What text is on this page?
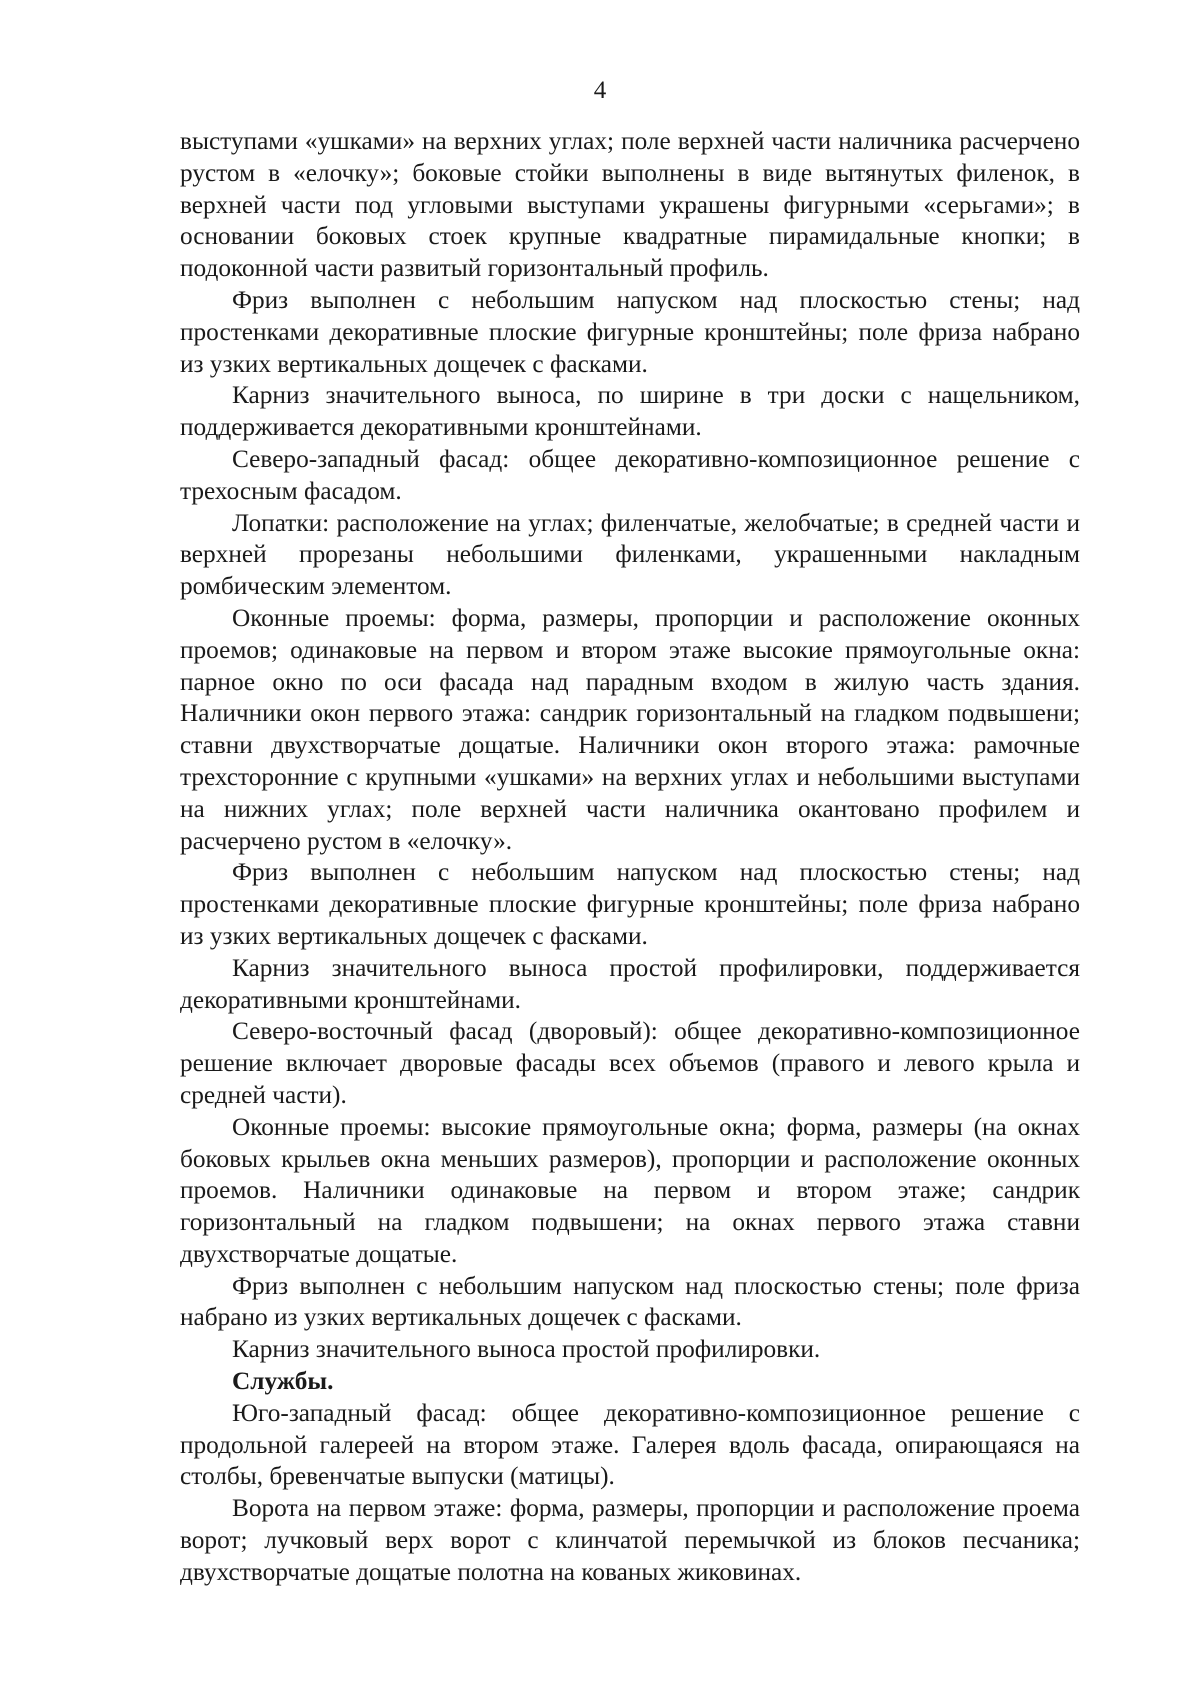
4

выступами «ушками» на верхних углах; поле верхней части наличника расчерчено рустом в «елочку»; боковые стойки выполнены в виде вытянутых филенок, в верхней части под угловыми выступами украшены фигурными «серьгами»; в основании боковых стоек крупные квадратные пирамидальные кнопки; в подоконной части развитый горизонтальный профиль.

Фриз выполнен с небольшим напуском над плоскостью стены; над простенками декоративные плоские фигурные кронштейны; поле фриза набрано из узких вертикальных дощечек с фасками.

Карниз значительного выноса, по ширине в три доски с нащельником, поддерживается декоративными кронштейнами.

Северо-западный фасад: общее декоративно-композиционное решение с трехосным фасадом.

Лопатки: расположение на углах; филенчатые, желобчатые; в средней части и верхней прорезаны небольшими филенками, украшенными накладным ромбическим элементом.

Оконные проемы: форма, размеры, пропорции и расположение оконных проемов; одинаковые на первом и втором этаже высокие прямоугольные окна: парное окно по оси фасада над парадным входом в жилую часть здания. Наличники окон первого этажа: сандрик горизонтальный на гладком подвышени; ставни двухстворчатые дощатые. Наличники окон второго этажа: рамочные трехсторонние с крупными «ушками» на верхних углах и небольшими выступами на нижних углах; поле верхней части наличника окантовано профилем и расчерчено рустом в «елочку».

Фриз выполнен с небольшим напуском над плоскостью стены; над простенками декоративные плоские фигурные кронштейны; поле фриза набрано из узких вертикальных дощечек с фасками.

Карниз значительного выноса простой профилировки, поддерживается декоративными кронштейнами.

Северо-восточный фасад (дворовый): общее декоративно-композиционное решение включает дворовые фасады всех объемов (правого и левого крыла и средней части).

Оконные проемы: высокие прямоугольные окна; форма, размеры (на окнах боковых крыльев окна меньших размеров), пропорции и расположение оконных проемов. Наличники одинаковые на первом и втором этаже; сандрик горизонтальный на гладком подвышени; на окнах первого этажа ставни двухстворчатые дощатые.

Фриз выполнен с небольшим напуском над плоскостью стены; поле фриза набрано из узких вертикальных дощечек с фасками.

Карниз значительного выноса простой профилировки.

Службы.

Юго-западный фасад: общее декоративно-композиционное решение с продольной галереей на втором этаже. Галерея вдоль фасада, опирающаяся на столбы, бревенчатые выпуски (матицы).

Ворота на первом этаже: форма, размеры, пропорции и расположение проема ворот; лучковый верх ворот с клинчатой перемычкой из блоков песчаника; двухстворчатые дощатые полотна на кованых жиковинах.
